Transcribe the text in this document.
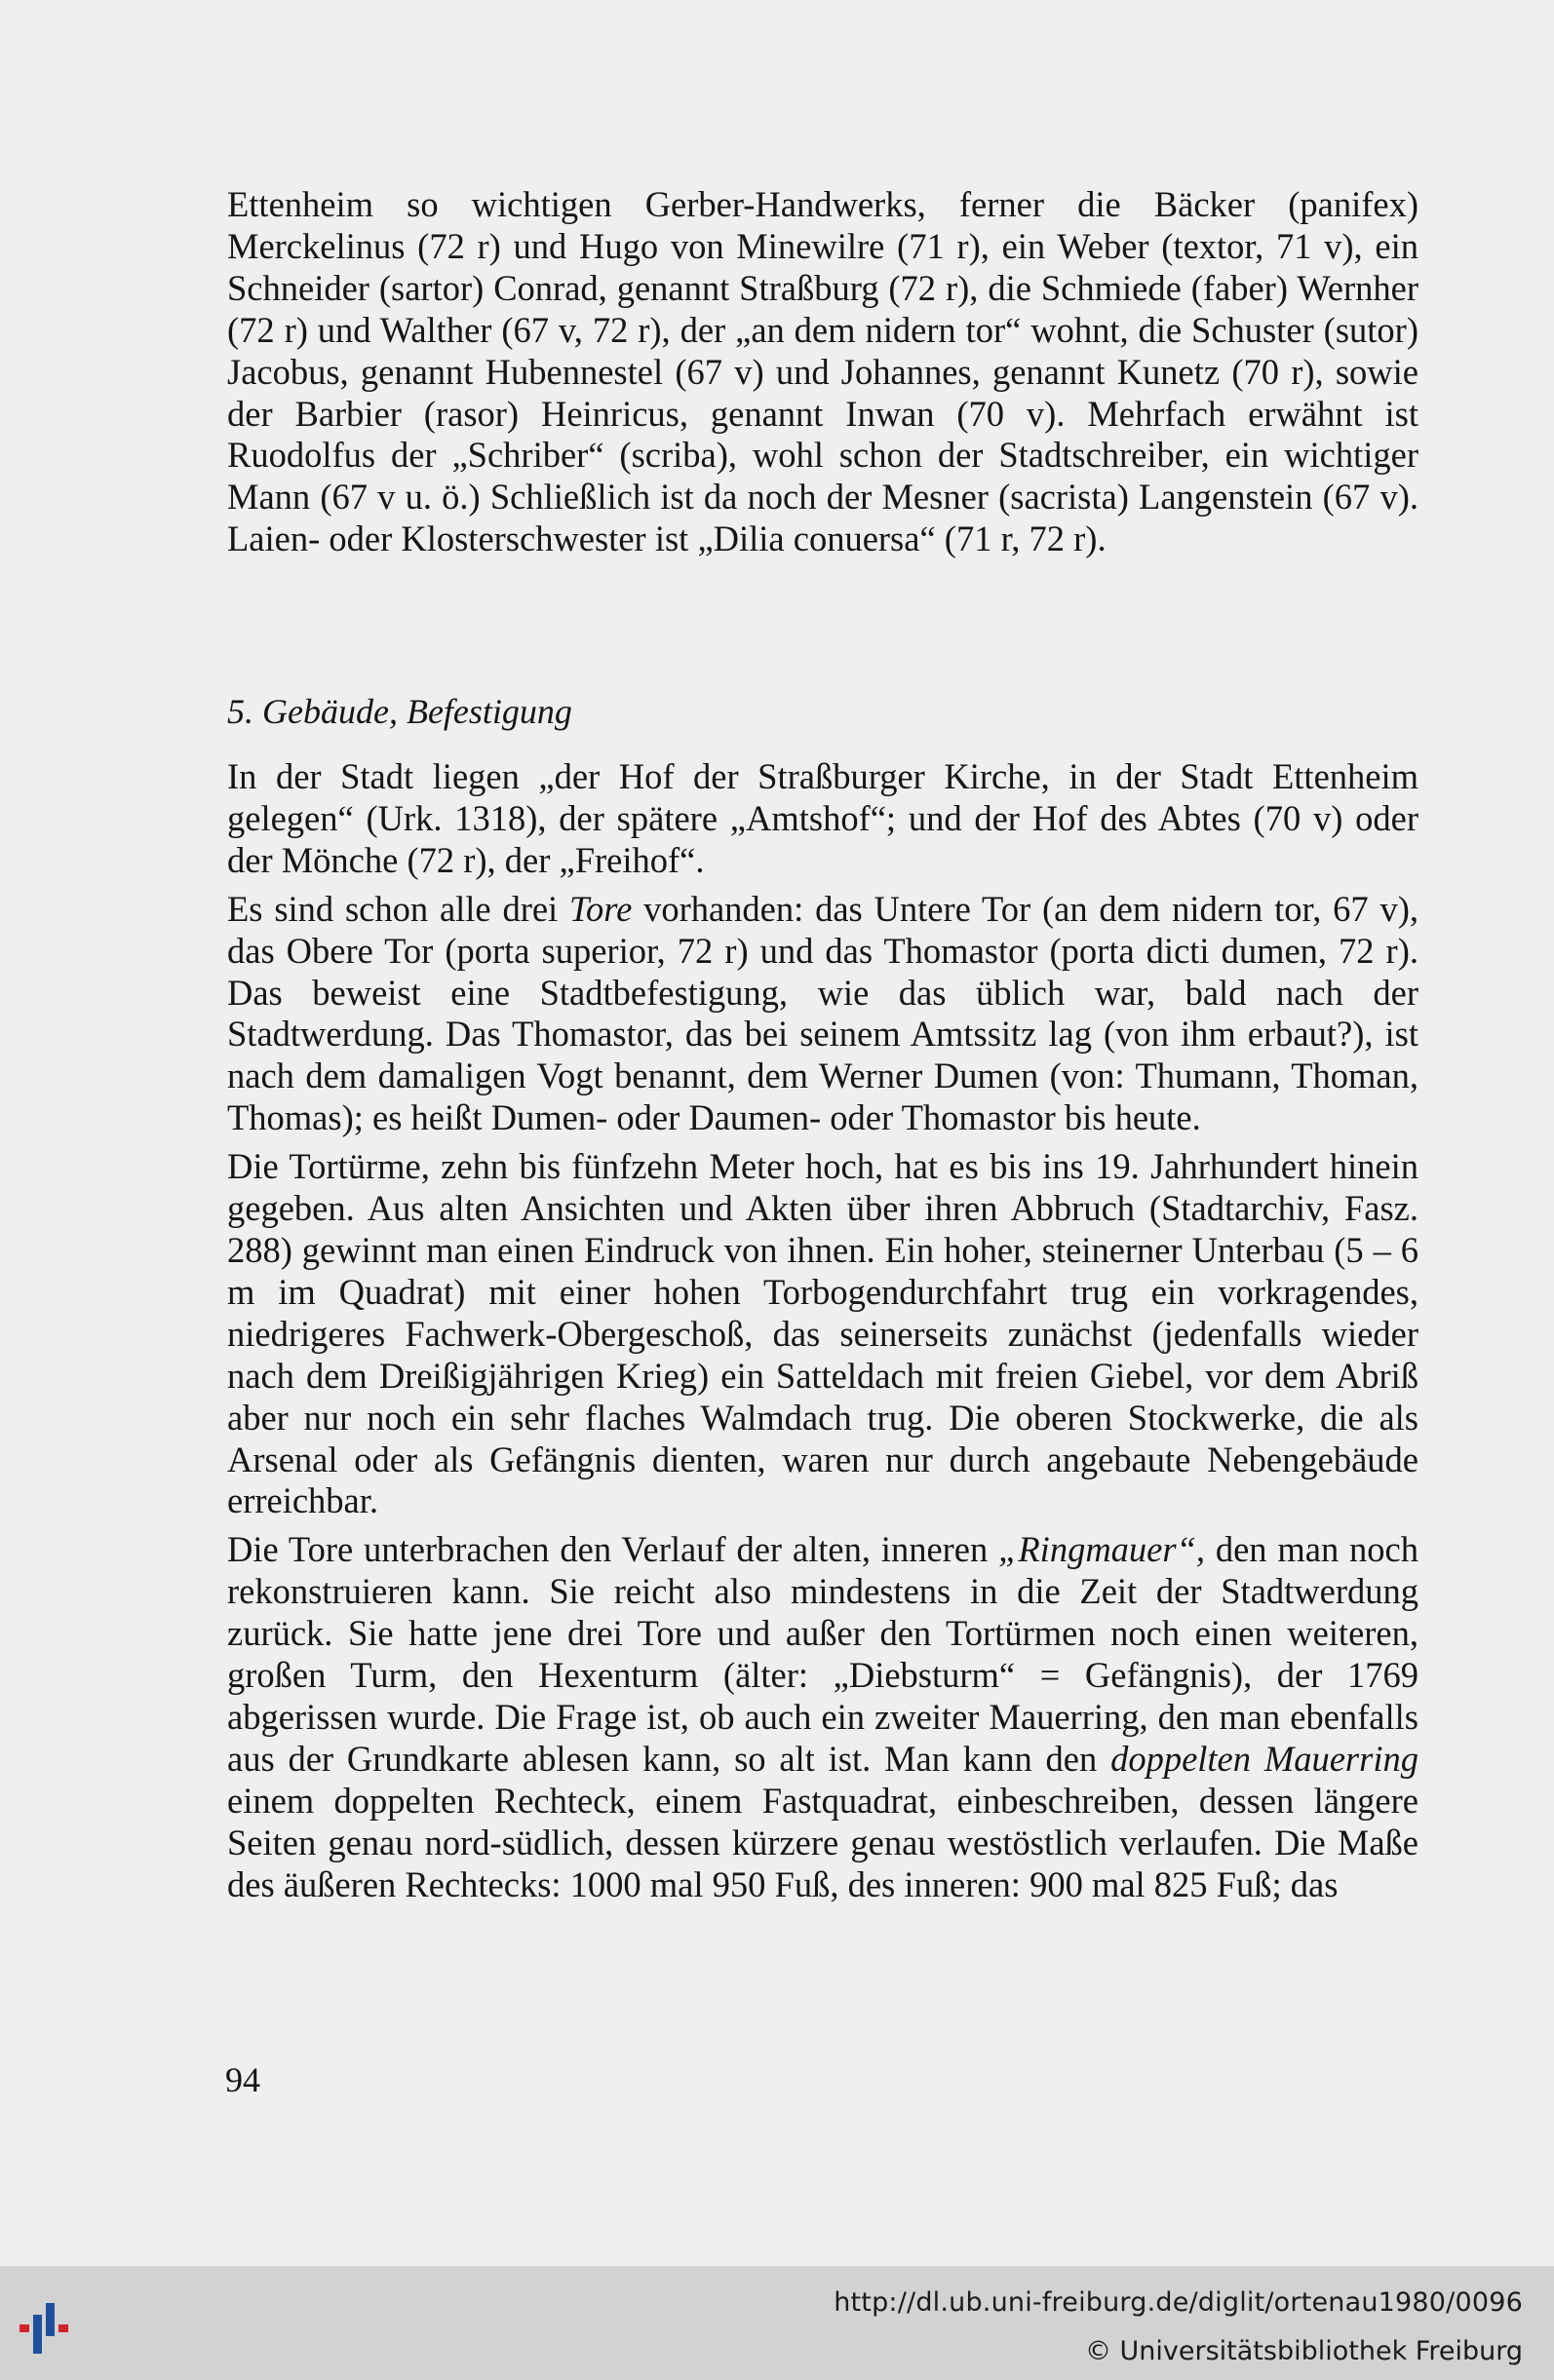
Ettenheim so wichtigen Gerber-Handwerks, ferner die Bäcker (panifex) Merckelinus (72 r) und Hugo von Minewilre (71 r), ein Weber (textor, 71 v), ein Schneider (sartor) Conrad, genannt Straßburg (72 r), die Schmiede (faber) Wernher (72 r) und Walther (67 v, 72 r), der „an dem nidern tor“ wohnt, die Schuster (sutor) Jacobus, genannt Hubennestel (67 v) und Johannes, genannt Kunetz (70 r), sowie der Barbier (rasor) Heinricus, genannt Inwan (70 v). Mehrfach erwähnt ist Ruodolfus der „Schriber“ (scriba), wohl schon der Stadtschreiber, ein wichtiger Mann (67 v u. ö.) Schließlich ist da noch der Mesner (sacrista) Langenstein (67 v). Laien- oder Klosterschwester ist „Dilia conuersa“ (71 r, 72 r).

5. Gebäude, Befestigung

In der Stadt liegen „der Hof der Straßburger Kirche, in der Stadt Ettenheim gelegen“ (Urk. 1318), der spätere „Amtshof“; und der Hof des Abtes (70 v) oder der Mönche (72 r), der „Freihof“.

Es sind schon alle drei Tore vorhanden: das Untere Tor (an dem nidern tor, 67 v), das Obere Tor (porta superior, 72 r) und das Thomastor (porta dicti dumen, 72 r). Das beweist eine Stadtbefestigung, wie das üblich war, bald nach der Stadtwerdung. Das Thomastor, das bei seinem Amtssitz lag (von ihm erbaut?), ist nach dem damaligen Vogt benannt, dem Werner Dumen (von: Thumann, Thoman, Thomas); es heißt Dumen- oder Daumen- oder Thomastor bis heute.

Die Tortürme, zehn bis fünfzehn Meter hoch, hat es bis ins 19. Jahrhundert hinein gegeben. Aus alten Ansichten und Akten über ihren Abbruch (Stadtarchiv, Fasz. 288) gewinnt man einen Eindruck von ihnen. Ein hoher, steinerner Unterbau (5 – 6 m im Quadrat) mit einer hohen Torbogendurchfahrt trug ein vorkragendes, niedrigeres Fachwerk-Obergeschoß, das seinerseits zunächst (jedenfalls wieder nach dem Dreißigjährigen Krieg) ein Satteldach mit freien Giebel, vor dem Abriß aber nur noch ein sehr flaches Walmdach trug. Die oberen Stockwerke, die als Arsenal oder als Gefängnis dienten, waren nur durch angebaute Nebengebäude erreichbar.

Die Tore unterbrachen den Verlauf der alten, inneren „Ringmauer“, den man noch rekonstruieren kann. Sie reicht also mindestens in die Zeit der Stadtwerdung zurück. Sie hatte jene drei Tore und außer den Tortürmen noch einen weiteren, großen Turm, den Hexenturm (älter: „Diebsturm“ = Gefängnis), der 1769 abgerissen wurde. Die Frage ist, ob auch ein zweiter Mauerring, den man ebenfalls aus der Grundkarte ablesen kann, so alt ist. Man kann den doppelten Mauerring einem doppelten Rechteck, einem Fastquadrat, einbeschreiben, dessen längere Seiten genau nord-südlich, dessen kürzere genau westöstlich verlaufen. Die Maße des äußeren Rechtecks: 1000 mal 950 Fuß, des inneren: 900 mal 825 Fuß; das

94
http://dl.ub.uni-freiburg.de/diglit/ortenau1980/0096
© Universitätsbibliothek Freiburg
